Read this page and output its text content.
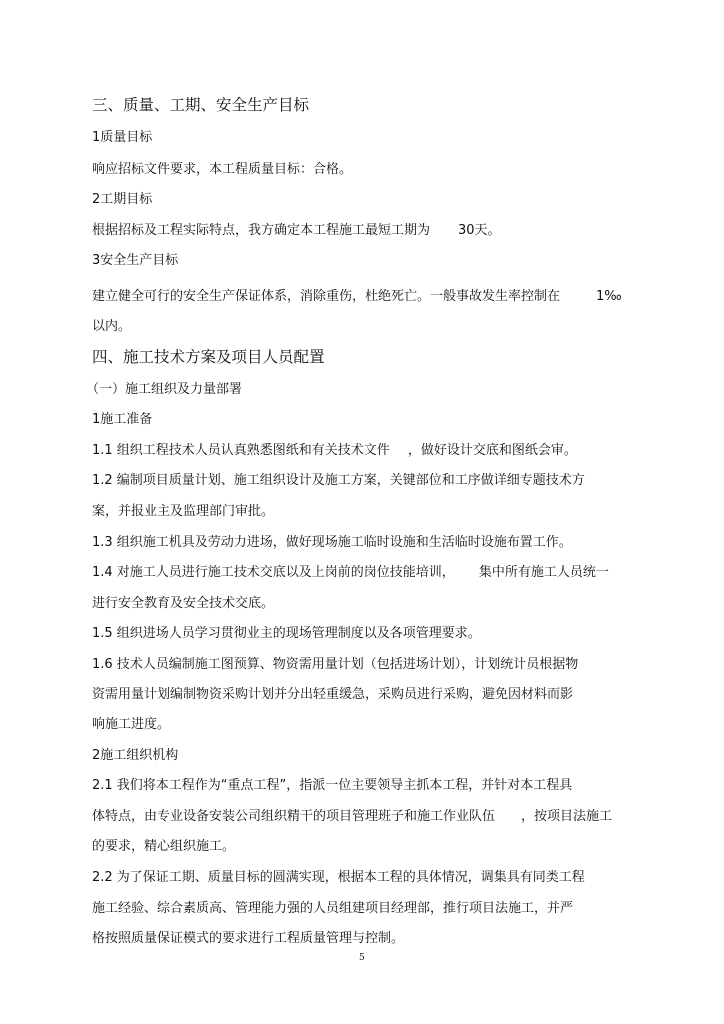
三、质量、工期、安全生产目标
1质量目标
响应招标文件要求，本工程质量目标：合格。
2工期目标
根据招标及工程实际特点，我方确定本工程施工最短工期为 30天。
3安全生产目标
建立健全可行的安全生产保证体系，消除重伤，杜绝死亡。一般事故发生率控制在	1‰
以内。
四、施工技术方案及项目人员配置
（一）施工组织及力量部署
1施工准备
1.1 组织工程技术人员认真熟悉图纸和有关技术文件 ，做好设计交底和图纸会审。
1.2 编制项目质量计划、施工组织设计及施工方案，关键部位和工序做详细专题技术方
案，并报业主及监理部门审批。
1.3 组织施工机具及劳动力进场，做好现场施工临时设施和生活临时设施布置工作。
1.4 对施工人员进行施工技术交底以及上岗前的岗位技能培训， 集中所有施工人员统一
进行安全教育及安全技术交底。
1.5 组织进场人员学习贯彻业主的现场管理制度以及各项管理要求。
1.6 技术人员编制施工图预算、物资需用量计划（包括进场计划），计划统计员根据物
资需用量计划编制物资采购计划并分出轻重缓急，采购员进行采购，避免因材料而影
响施工进度。
2施工组织机构
2.1 我们将本工程作为“重点工程”，指派一位主要领导主抓本工程，并针对本工程具
体特点，由专业设备安装公司组织精干的项目管理班子和施工作业队伍 ，按项目法施工
的要求，精心组织施工。
2.2 为了保证工期、质量目标的圆满实现，根据本工程的具体情况，调集具有同类工程
施工经验、综合素质高、管理能力强的人员组建项目经理部，推行项目法施工，并严
格按照质量保证模式的要求进行工程质量管理与控制。
5
